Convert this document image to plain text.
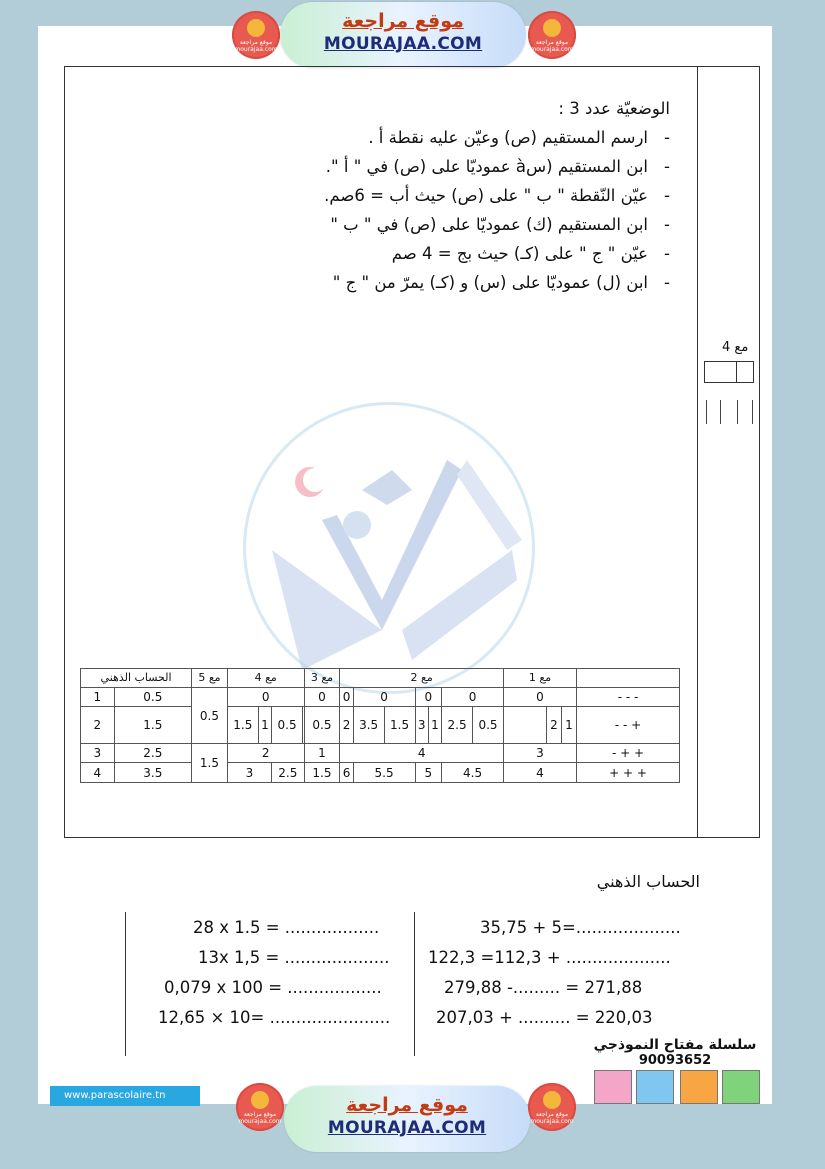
موقع مراجعة
mourajaa.com
موقع مراجعة
MOURAJAA.COM	موقع مراجعة
mourajaa.com
الوضعيّة عدد 3 :
- ارسم المستقيم (ص) وعيّن عليه نقطة أ .
- ابن المستقيم (سà عموديّا على (ص) في " أ ".
- عيّن النّقطة " ب " على (ص) حيث أب = 6صم.
- ابن المستقيم (ك) عموديّا على (ص) في " ب "
- عيّن " ج " على (كـ) حيث بج = 4 صم
- ابن (ل) عموديّا على (س) و (كـ) يمرّ من " ج "
مع 4
	مع 1			مع 2							مع 3	مع 4				مع 5	الحساب الذهني	
- - -	0			0		0		0		0	0	0				0.5	0.5	1
+ - -	1	2		0.5	2.5	1	3	1.5	3.5	2	0.5		0.5	1	1.5		1.5	2
+ + -	3			4							1	2				1.5	2.5	3
+ + +	4			4.5		5		5.5		6	1.5		2.5	3			3.5	4
الحساب الذهني
35,75 + 5=....................
122,3 =112,3 + ....................
279,88 -......... = 271,88
207,03 + .......... = 220,03
28 x 1.5 = ..................
13x 1,5 = ....................
0,079 x 100 = ..................
12,65 × 10= .......................
سلسلة مفتاح النموذجي
90093652
www.parascolaire.tn
موقع مراجعة
mourajaa.com
موقع مراجعة
MOURAJAA.COM
موقع مراجعة
mourajaa.com
